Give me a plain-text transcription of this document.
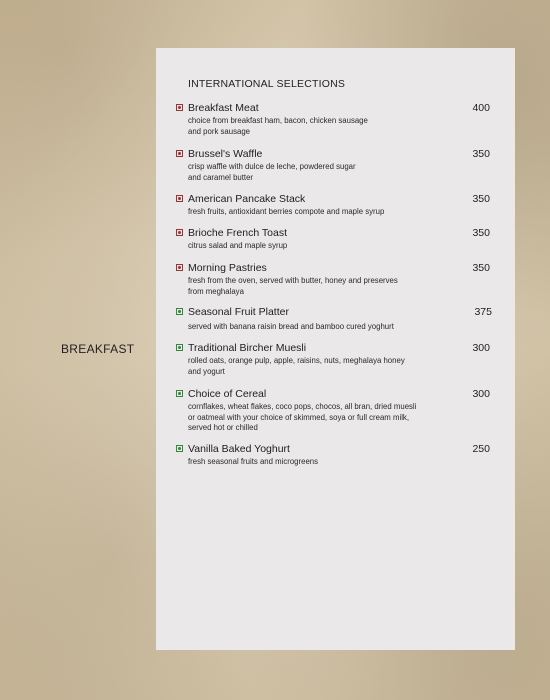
BREAKFAST
INTERNATIONAL SELECTIONS
Breakfast Meat	400
choice from breakfast ham, bacon, chicken sausage
and pork sausage
Brussel's Waffle	350
crisp waffle with dulce de leche, powdered sugar
and caramel butter
American Pancake Stack	350
fresh fruits, antioxidant berries compote and maple syrup
Brioche French Toast	350
citrus salad and maple syrup
Morning Pastries	350
fresh from the oven, served with butter, honey and preserves
from meghalaya
Seasonal Fruit Platter	375
served with banana raisin bread and bamboo cured yoghurt
Traditional Bircher Muesli	300
rolled oats, orange pulp, apple, raisins, nuts, meghalaya honey
and yogurt
Choice of Cereal	300
cornflakes, wheat flakes, coco pops, chocos, all bran, dried muesli
or oatmeal with your choice of skimmed, soya or full cream milk,
served hot or chilled
Vanilla Baked Yoghurt	250
fresh seasonal fruits and microgreens
